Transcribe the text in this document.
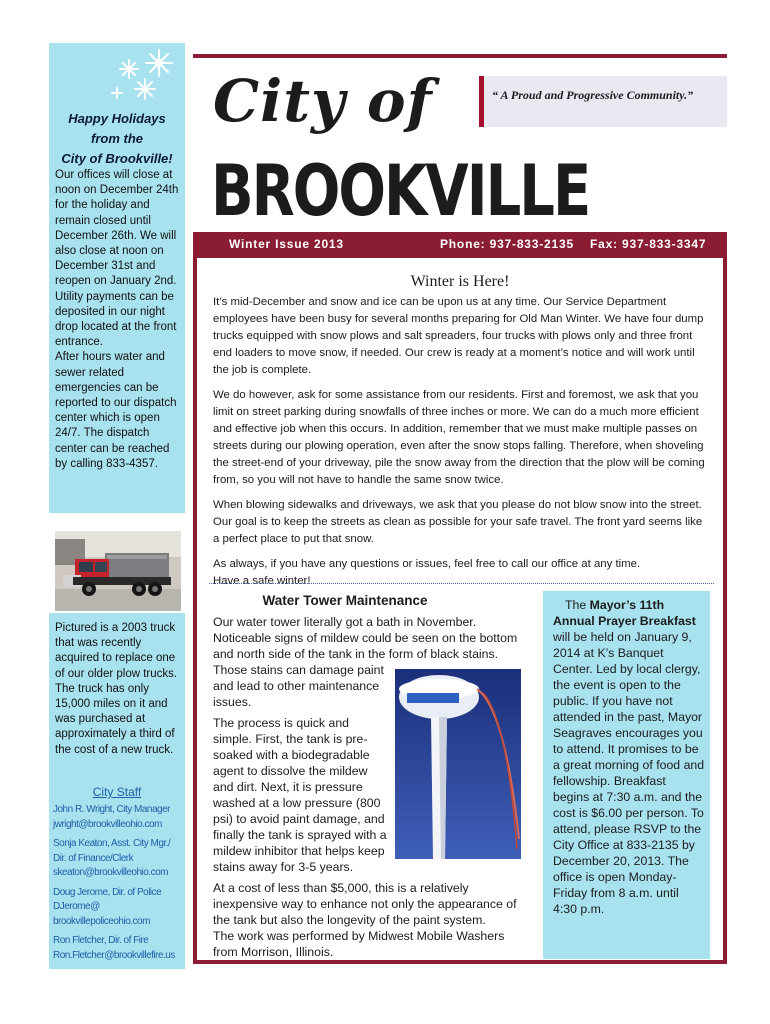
Happy Holidays
from the
City of Brookville!

Our offices will close at noon on December 24th for the holiday and remain closed until December 26th. We will also close at noon on December 31st and reopen on January 2nd. Utility payments can be deposited in our night drop located at the front entrance.

After hours water and sewer related emergencies can be reported to our dispatch center which is open 24/7. The dispatch center can be reached by calling 833-4357.

Pictured is a 2003 truck that was recently acquired to replace one of our older plow trucks. The truck has only 15,000 miles on it and was purchased at approximately a third of the cost of a new truck.
City Staff
John R. Wright, City Manager
jwright@brookvilleohio.com
Sonja Keaton, Asst. City Mgr./
Dir. of Finance/Clerk
skeaton@brookvilleohio.com
Doug Jerome, Dir. of Police
DJerome@
brookvillepoliceohio.com
Ron Fletcher, Dir. of Fire
Ron.Fletcher@brookvillefire.us
City of
BROOKVILLE
“ A Proud and Progressive Community.”
Winter Issue 2013	Phone: 937-833-2135 Fax: 937-833-3347
Winter is Here!

It’s mid-December and snow and ice can be upon us at any time. Our Service Department employees have been busy for several months preparing for Old Man Winter. We have four dump trucks equipped with snow plows and salt spreaders, four trucks with plows only and three front end loaders to move snow, if needed. Our crew is ready at a moment’s notice and will work until the job is complete.

We do however, ask for some assistance from our residents. First and foremost, we ask that you limit on street parking during snowfalls of three inches or more. We can do a much more efficient and effective job when this occurs. In addition, remember that we must make multiple passes on streets during our plowing operation, even after the snow stops falling. Therefore, when shoveling the street-end of your driveway, pile the snow away from the direction that the plow will be coming from, so you will not have to handle the same snow twice.

When blowing sidewalks and driveways, we ask that you please do not blow snow into the street. Our goal is to keep the streets as clean as possible for your safe travel. The front yard seems like a perfect place to put that snow.

As always, if you have any questions or issues, feel free to call our office at any time.
Have a safe winter!
Water Tower Maintenance

Our water tower literally got a bath in November. Noticeable signs of mildew could be seen on the bottom and north side of the tank in the form of black stains.

Those stains can damage paint and lead to other maintenance issues.

The process is quick and simple. First, the tank is pre-soaked with a biodegradable agent to dissolve the mildew and dirt. Next, it is pressure washed at a low pressure (800 psi) to avoid paint damage, and finally the tank is sprayed with a mildew inhibitor that helps keep stains away for 3-5 years.

At a cost of less than $5,000, this is a relatively inexpensive way to enhance not only the appearance of the tank but also the longevity of the paint system.

The work was performed by Midwest Mobile Washers from Morrison, Illinois.

The Mayor’s 11th Annual Prayer Breakfast will be held on January 9, 2014 at K’s Banquet Center. Led by local clergy, the event is open to the public. If you have not attended in the past, Mayor Seagraves encourages you to attend. It promises to be a great morning of food and fellowship. Breakfast begins at 7:30 a.m. and the cost is $6.00 per person. To attend, please RSVP to the City Office at 833-2135 by December 20, 2013. The office is open Monday-Friday from 8 a.m. until 4:30 p.m.
